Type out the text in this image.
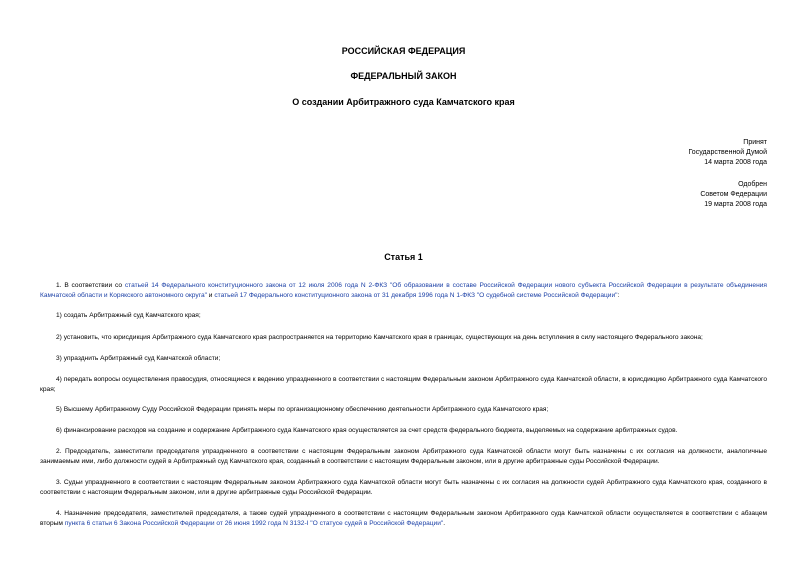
РОССИЙСКАЯ ФЕДЕРАЦИЯ
ФЕДЕРАЛЬНЫЙ ЗАКОН
О создании Арбитражного суда Камчатского края
Принят
Государственной Думой
14 марта 2008 года
Одобрен
Советом Федерации
19 марта 2008 года
Статья 1
1. В соответствии со статьей 14 Федерального конституционного закона от 12 июля 2006 года N 2-ФКЗ "Об образовании в составе Российской Федерации нового субъекта Российской Федерации в результате объединения Камчатской области и Корякского автономного округа" и статьей 17 Федерального конституционного закона от 31 декабря 1996 года N 1-ФКЗ "О судебной системе Российской Федерации":
1) создать Арбитражный суд Камчатского края;
2) установить, что юрисдикция Арбитражного суда Камчатского края распространяется на территорию Камчатского края в границах, существующих на день вступления в силу настоящего Федерального закона;
3) упразднить Арбитражный суд Камчатской области;
4) передать вопросы осуществления правосудия, относящиеся к ведению упраздненного в соответствии с настоящим Федеральным законом Арбитражного суда Камчатской области, в юрисдикцию Арбитражного суда Камчатского края;
5) Высшему Арбитражному Суду Российской Федерации принять меры по организационному обеспечению деятельности Арбитражного суда Камчатского края;
6) финансирование расходов на создание и содержание Арбитражного суда Камчатского края осуществляется за счет средств федерального бюджета, выделяемых на содержание арбитражных судов.
2. Председатель, заместители председателя упраздненного в соответствии с настоящим Федеральным законом Арбитражного суда Камчатской области могут быть назначены с их согласия на должности, аналогичные занимаемым ими, либо должности судей в Арбитражный суд Камчатского края, созданный в соответствии с настоящим Федеральным законом, или в другие арбитражные суды Российской Федерации.
3. Судьи упраздненного в соответствии с настоящим Федеральным законом Арбитражного суда Камчатской области могут быть назначены с их согласия на должности судей Арбитражного суда Камчатского края, созданного в соответствии с настоящим Федеральным законом, или в другие арбитражные суды Российской Федерации.
4. Назначение председателя, заместителей председателя, а также судей упраздненного в соответствии с настоящим Федеральным законом Арбитражного суда Камчатской области осуществляется в соответствии с абзацем вторым пункта 6 статьи 6 Закона Российской Федерации от 26 июня 1992 года N 3132-I "О статусе судей в Российской Федерации".
